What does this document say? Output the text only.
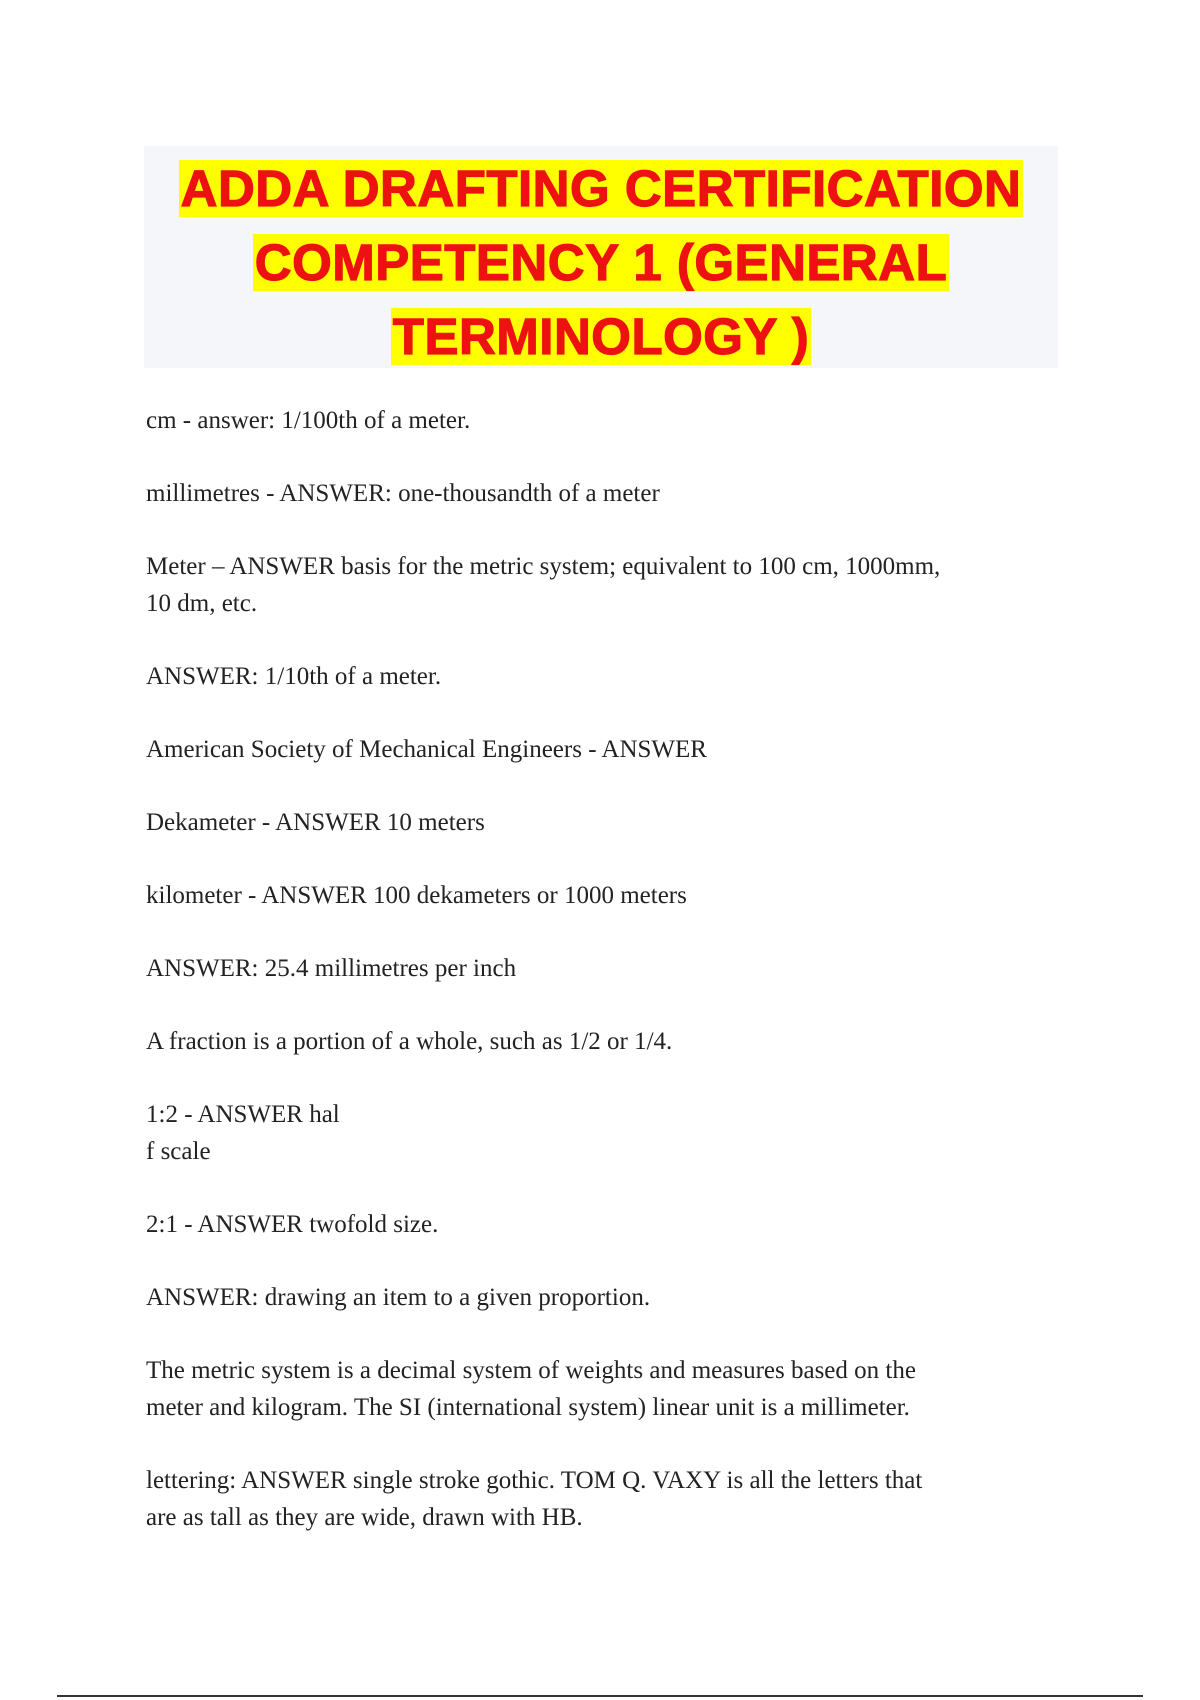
ADDA DRAFTING CERTIFICATION
COMPETENCY 1 (GENERAL
TERMINOLOGY )

cm - answer: 1/100th of a meter.

millimetres - ANSWER: one-thousandth of a meter

Meter – ANSWER basis for the metric system; equivalent to 100 cm, 1000mm,
10 dm, etc.

ANSWER: 1/10th of a meter.

American Society of Mechanical Engineers - ANSWER

Dekameter - ANSWER 10 meters

kilometer - ANSWER 100 dekameters or 1000 meters

ANSWER: 25.4 millimetres per inch

A fraction is a portion of a whole, such as 1/2 or 1/4.

1:2 - ANSWER hal
f scale

2:1 - ANSWER twofold size.

ANSWER: drawing an item to a given proportion.

The metric system is a decimal system of weights and measures based on the
meter and kilogram. The SI (international system) linear unit is a millimeter.

lettering: ANSWER single stroke gothic. TOM Q. VAXY is all the letters that
are as tall as they are wide, drawn with HB.
